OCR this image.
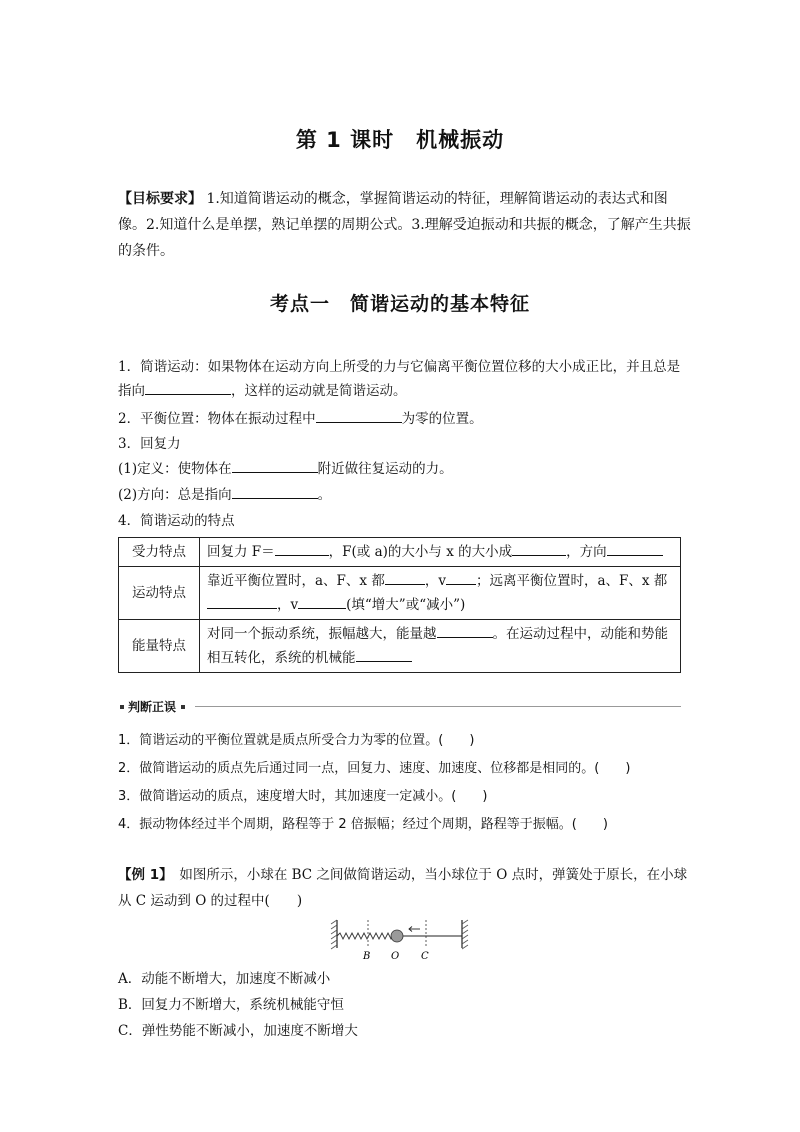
第 1 课时　机械振动
【目标要求】 1.知道简谐运动的概念，掌握简谐运动的特征，理解简谐运动的表达式和图像。2.知道什么是单摆，熟记单摆的周期公式。3.理解受迫振动和共振的概念，了解产生共振的条件。
考点一　简谐运动的基本特征
1．简谐运动：如果物体在运动方向上所受的力与它偏离平衡位置位移的大小成正比，并且总是指向	，这样的运动就是简谐运动。
2．平衡位置：物体在振动过程中	为零的位置。
3．回复力
(1)定义：使物体在	附近做往复运动的力。
(2)方向：总是指向	。
4．简谐运动的特点
受力特点	回复力 F＝ ，F(或 a)的大小与 x 的大小成 ，方向
运动特点	靠近平衡位置时，a、F、x 都 ，v ；远离平衡位置时，a、F、x 都，v (填“增大”或“减小”)
能量特点	对同一个振动系统，振幅越大，能量越 。在运动过程中，动能和势能相互转化，系统的机械能
判断正误
1．简谐运动的平衡位置就是质点所受合力为零的位置。(　　)
2．做简谐运动的质点先后通过同一点，回复力、速度、加速度、位移都是相同的。(　　)
3．做简谐运动的质点，速度增大时，其加速度一定减小。(　　)
4．振动物体经过半个周期，路程等于 2 倍振幅；经过个周期，路程等于振幅。(　　)
【例 1】　如图所示，小球在 BC 之间做简谐运动，当小球位于 O 点时，弹簧处于原长，在小球从 C 运动到 O 的过程中(　　)
B O C
A．动能不断增大，加速度不断减小
B．回复力不断增大，系统机械能守恒
C．弹性势能不断减小，加速度不断增大
